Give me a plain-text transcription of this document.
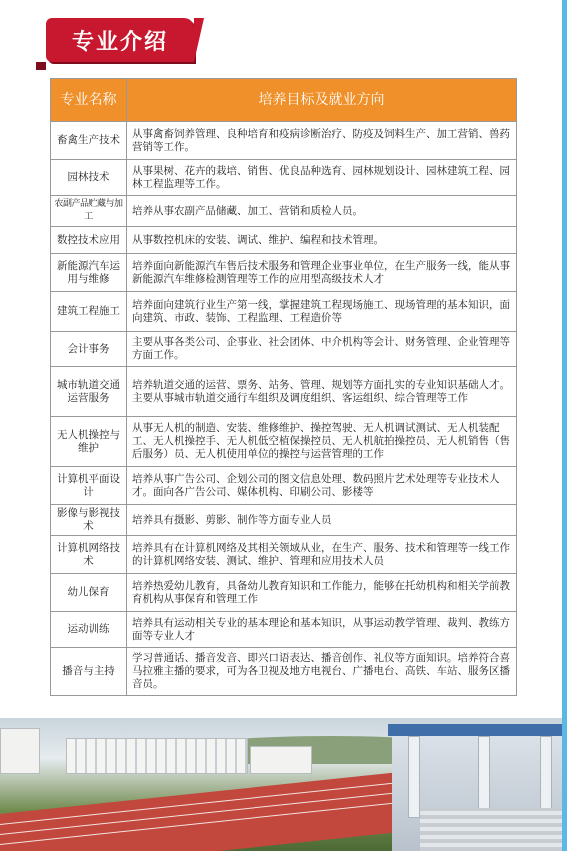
专业介绍
专业名称	培养目标及就业方向
畜禽生产技术	从事禽畜饲养管理、良种培育和疫病诊断治疗、防疫及饲料生产、加工营销、兽药营销等工作。
园林技术	从事果树、花卉的栽培、销售、优良品种选育、园林规划设计、园林建筑工程、园林工程监理等工作。
农副产品贮藏与加工	培养从事农副产品储藏、加工、营销和质检人员。
数控技术应用	从事数控机床的安装、调试、维护、编程和技术管理。
新能源汽车运用与维修	培养面向新能源汽车售后技术服务和管理企业事业单位，在生产服务一线，能从事新能源汽车维修检测管理等工作的应用型高级技术人才
建筑工程施工	培养面向建筑行业生产第一线，掌握建筑工程现场施工、现场管理的基本知识，面向建筑、市政、装饰、工程监理、工程造价等
会计事务	主要从事各类公司、企事业、社会团体、中介机构等会计、财务管理、企业管理等方面工作。
城市轨道交通运营服务	培养轨道交通的运营、票务、站务、管理、规划等方面扎实的专业知识基础人才。主要从事城市轨道交通行车组织及调度组织、客运组织、综合管理等工作
无人机操控与维护	从事无人机的制造、安装、维修维护、操控驾驶、无人机调试测试、无人机装配工、无人机操控手、无人机低空植保操控员、无人机航拍操控员、无人机销售（售后服务）员、无人机使用单位的操控与运营管理的工作
计算机平面设计	培养从事广告公司、企划公司的图文信息处理、数码照片艺术处理等专业技术人才。面向各广告公司、媒体机构、印刷公司、影楼等
影像与影视技术	培养具有摄影、剪影、制作等方面专业人员
计算机网络技术	培养具有在计算机网络及其相关领域从业，在生产、服务、技术和管理等一线工作的计算机网络安装、测试、维护、管理和应用技术人员
幼儿保育	培养热爱幼儿教育，具备幼儿教育知识和工作能力，能够在托幼机构和相关学前教育机构从事保育和管理工作
运动训练	培养具有运动相关专业的基本理论和基本知识，从事运动教学管理、裁判、教练方面等专业人才
播音与主持	学习普通话、播音发音、即兴口语表达、播音创作、礼仪等方面知识。培养符合喜马拉雅主播的要求，可为各卫视及地方电视台、广播电台、高铁、车站、服务区播音员。
